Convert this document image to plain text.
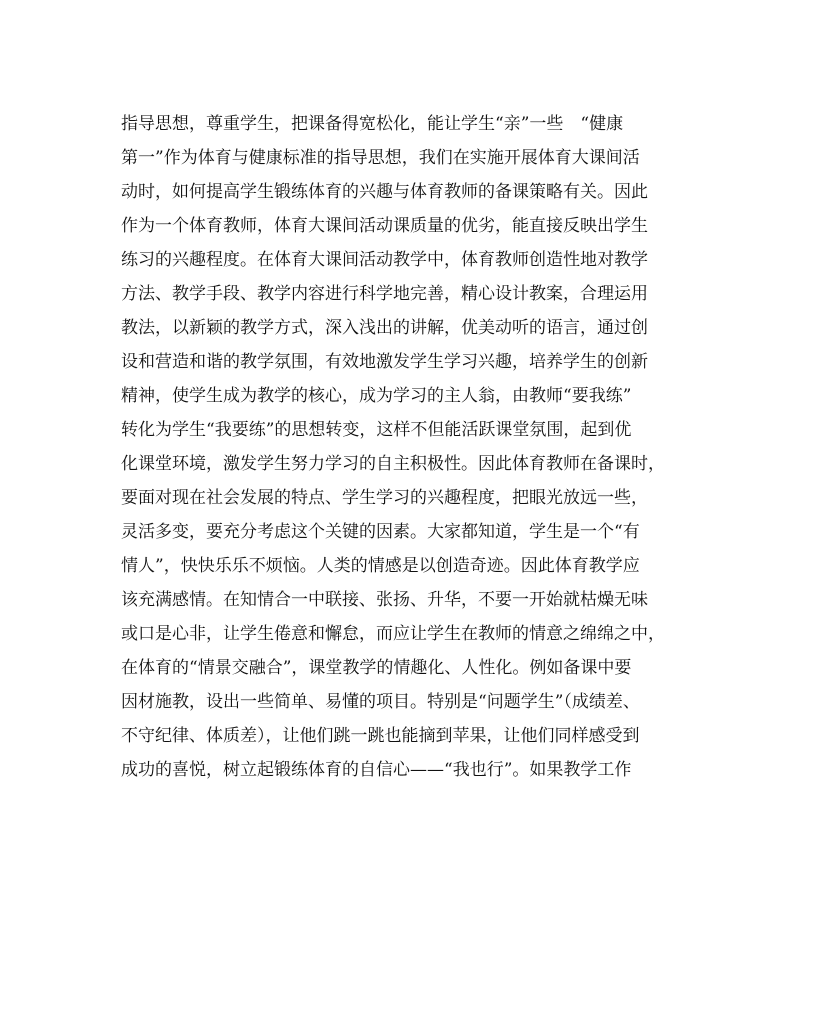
指导思想，尊重学生，把课备得宽松化，能让学生“亲”一些　“健康
第一”作为体育与健康标准的指导思想，我们在实施开展体育大课间活
动时，如何提高学生锻练体育的兴趣与体育教师的备课策略有关。因此
作为一个体育教师，体育大课间活动课质量的优劣，能直接反映出学生
练习的兴趣程度。在体育大课间活动教学中，体育教师创造性地对教学
方法、教学手段、教学内容进行科学地完善，精心设计教案，合理运用
教法，以新颖的教学方式，深入浅出的讲解，优美动听的语言，通过创
设和营造和谐的教学氛围，有效地激发学生学习兴趣，培养学生的创新
精神，使学生成为教学的核心，成为学习的主人翁，由教师“要我练”
转化为学生“我要练”的思想转变，这样不但能活跃课堂氛围，起到优
化课堂环境，激发学生努力学习的自主积极性。因此体育教师在备课时，
要面对现在社会发展的特点、学生学习的兴趣程度，把眼光放远一些，
灵活多变，要充分考虑这个关键的因素。大家都知道，学生是一个“有
情人”，快快乐乐不烦恼。人类的情感是以创造奇迹。因此体育教学应
该充满感情。在知情合一中联接、张扬、升华，不要一开始就枯燥无味
或口是心非，让学生倦意和懈怠，而应让学生在教师的情意之绵绵之中，
在体育的“情景交融合”，课堂教学的情趣化、人性化。例如备课中要
因材施教，设出一些简单、易懂的项目。特别是“问题学生”（成绩差、
不守纪律、体质差），让他们跳一跳也能摘到苹果，让他们同样感受到
成功的喜悦，树立起锻练体育的自信心——“我也行”。如果教学工作
